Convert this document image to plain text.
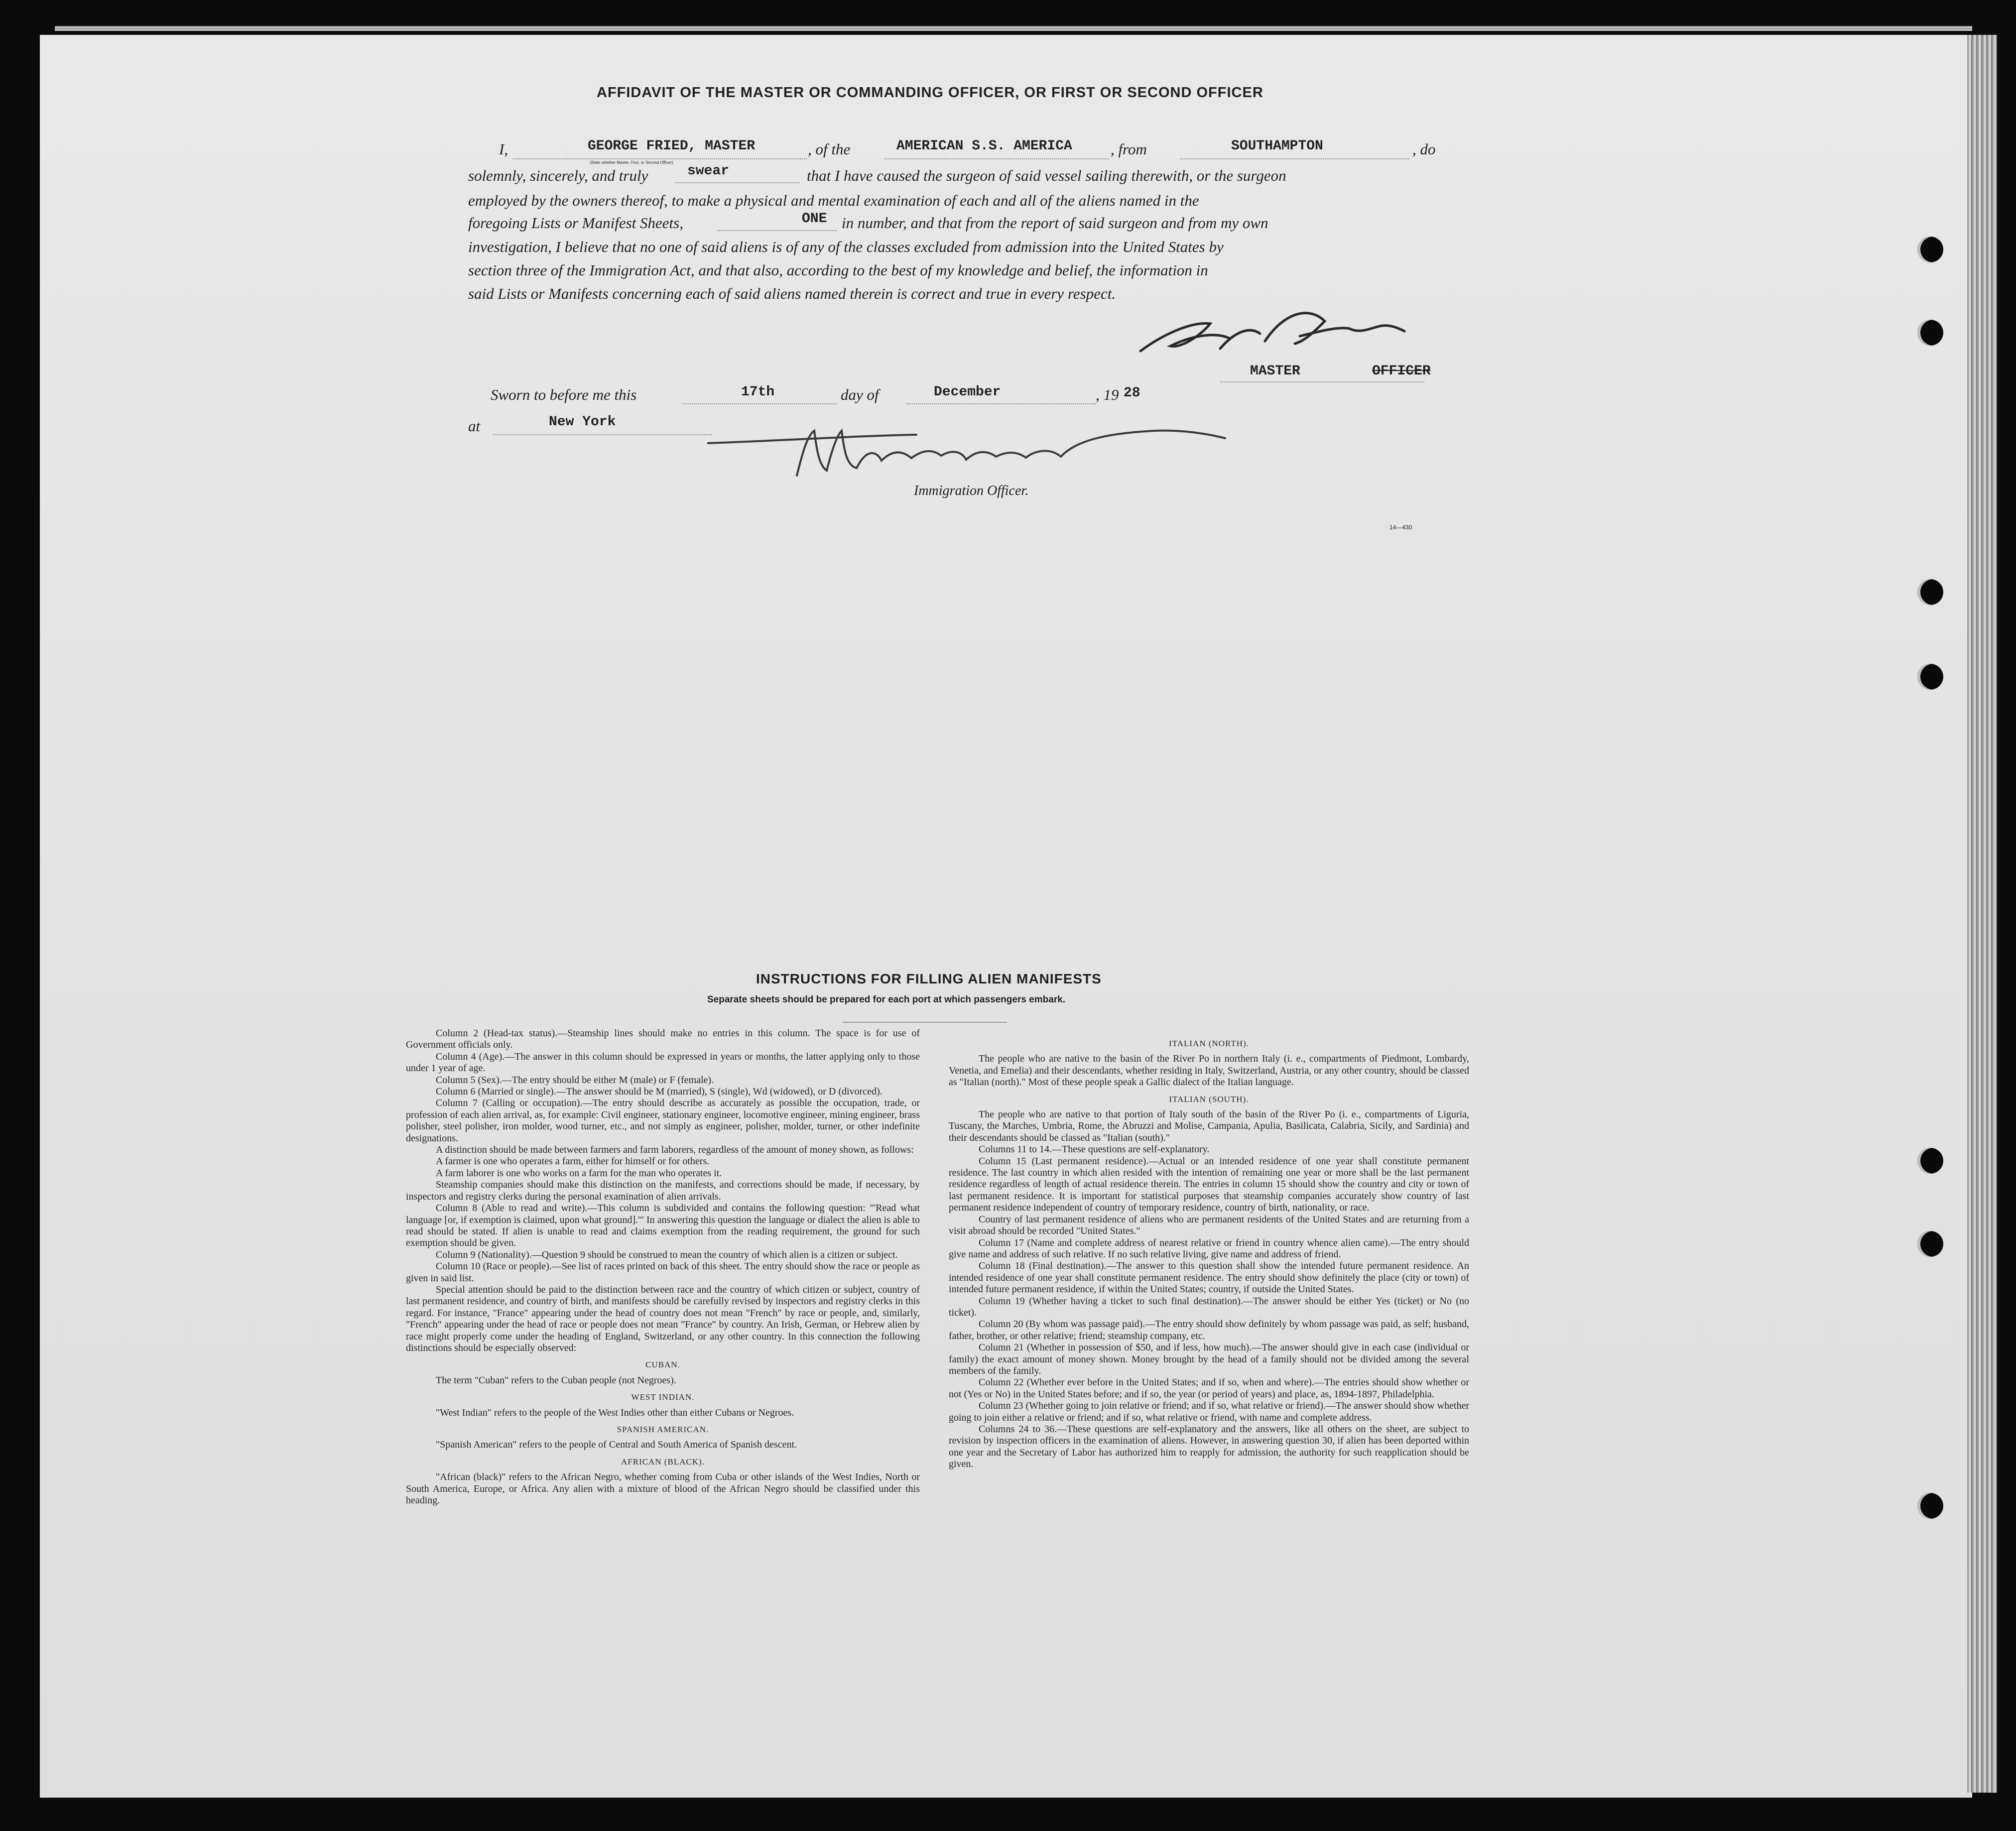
AFFIDAVIT OF THE MASTER OR COMMANDING OFFICER, OR FIRST OR SECOND OFFICER
I,	GEORGE FRIED, MASTER
(State whether Master, First, or Second Officer)
, of the	AMERICAN S.S. AMERICA , from	SOUTHAMPTON	, do
solemnly, sincerely, and truly	swear	that I have caused the surgeon of said vessel sailing therewith, or the surgeon
employed by the owners thereof, to make a physical and mental examination of each and all of the aliens named in the
foregoing Lists or Manifest Sheets,	ONE in number, and that from the report of said surgeon and from my own
investigation, I believe that no one of said aliens is of any of the classes excluded from admission into the United States by
section three of the Immigration Act, and that also, according to the best of my knowledge and belief, the information in
said Lists or Manifests concerning each of said aliens named therein is correct and true in every respect.
MASTER	OFFICER
Sworn to before me this	17th	day of	December	, 19 28
at	New York
Immigration Officer.
14—430
INSTRUCTIONS FOR FILLING ALIEN MANIFESTS
Separate sheets should be prepared for each port at which passengers embark.

Column 2 (Head-tax status).—Steamship lines should make no entries in this column. The space is for use of Government officials only.

Column 4 (Age).—The answer in this column should be expressed in years or months, the latter applying only to those under 1 year of age.

Column 5 (Sex).—The entry should be either M (male) or F (female).

Column 6 (Married or single).—The answer should be M (married), S (single), Wd (widowed), or D (divorced).

Column 7 (Calling or occupation).—The entry should describe as accurately as possible the occupation, trade, or profession of each alien arrival, as, for example: Civil engineer, stationary engineer, locomotive engineer, mining engineer, brass polisher, steel polisher, iron molder, wood turner, etc., and not simply as engineer, polisher, molder, turner, or other indefinite designations.

A distinction should be made between farmers and farm laborers, regardless of the amount of money shown, as follows:

A farmer is one who operates a farm, either for himself or for others.

A farm laborer is one who works on a farm for the man who operates it.

Steamship companies should make this distinction on the manifests, and corrections should be made, if necessary, by inspectors and registry clerks during the personal examination of alien arrivals.

Column 8 (Able to read and write).—This column is subdivided and contains the following question: "'Read what language [or, if exemption is claimed, upon what ground].'" In answering this question the language or dialect the alien is able to read should be stated. If alien is unable to read and claims exemption from the reading requirement, the ground for such exemption should be given.

Column 9 (Nationality).—Question 9 should be construed to mean the country of which alien is a citizen or subject.

Column 10 (Race or people).—See list of races printed on back of this sheet. The entry should show the race or people as given in said list.

Special attention should be paid to the distinction between race and the country of which citizen or subject, country of last permanent residence, and country of birth, and manifests should be carefully revised by inspectors and registry clerks in this regard. For instance, "France" appearing under the head of country does not mean "French" by race or people, and, similarly, "French" appearing under the head of race or people does not mean "France" by country. An Irish, German, or Hebrew alien by race might properly come under the heading of England, Switzerland, or any other country. In this connection the following distinctions should be especially observed:

CUBAN.

The term "Cuban" refers to the Cuban people (not Negroes).

WEST INDIAN.

"West Indian" refers to the people of the West Indies other than either Cubans or Negroes.

SPANISH AMERICAN.

"Spanish American" refers to the people of Central and South America of Spanish descent.

AFRICAN (BLACK).

"African (black)" refers to the African Negro, whether coming from Cuba or other islands of the West Indies, North or South America, Europe, or Africa. Any alien with a mixture of blood of the African Negro should be classified under this heading.

ITALIAN (NORTH).

The people who are native to the basin of the River Po in northern Italy (i. e., compartments of Piedmont, Lombardy, Venetia, and Emelia) and their descendants, whether residing in Italy, Switzerland, Austria, or any other country, should be classed as "Italian (north)." Most of these people speak a Gallic dialect of the Italian language.

ITALIAN (SOUTH).

The people who are native to that portion of Italy south of the basin of the River Po (i. e., compartments of Liguria, Tuscany, the Marches, Umbria, Rome, the Abruzzi and Molise, Campania, Apulia, Basilicata, Calabria, Sicily, and Sardinia) and their descendants should be classed as "Italian (south)."

Columns 11 to 14.—These questions are self-explanatory.

Column 15 (Last permanent residence).—Actual or an intended residence of one year shall constitute permanent residence. The last country in which alien resided with the intention of remaining one year or more shall be the last permanent residence regardless of length of actual residence therein. The entries in column 15 should show the country and city or town of last permanent residence. It is important for statistical purposes that steamship companies accurately show country of last permanent residence independent of country of temporary residence, country of birth, nationality, or race.

Country of last permanent residence of aliens who are permanent residents of the United States and are returning from a visit abroad should be recorded "United States."

Column 17 (Name and complete address of nearest relative or friend in country whence alien came).—The entry should give name and address of such relative. If no such relative living, give name and address of friend.

Column 18 (Final destination).—The answer to this question shall show the intended future permanent residence. An intended residence of one year shall constitute permanent residence. The entry should show definitely the place (city or town) of intended future permanent residence, if within the United States; country, if outside the United States.

Column 19 (Whether having a ticket to such final destination).—The answer should be either Yes (ticket) or No (no ticket).

Column 20 (By whom was passage paid).—The entry should show definitely by whom passage was paid, as self; husband, father, brother, or other relative; friend; steamship company, etc.

Column 21 (Whether in possession of $50, and if less, how much).—The answer should give in each case (individual or family) the exact amount of money shown. Money brought by the head of a family should not be divided among the several members of the family.

Column 22 (Whether ever before in the United States; and if so, when and where).—The entries should show whether or not (Yes or No) in the United States before; and if so, the year (or period of years) and place, as, 1894-1897, Philadelphia.

Column 23 (Whether going to join relative or friend; and if so, what relative or friend).—The answer should show whether going to join either a relative or friend; and if so, what relative or friend, with name and complete address.

Columns 24 to 36.—These questions are self-explanatory and the answers, like all others on the sheet, are subject to revision by inspection officers in the examination of aliens. However, in answering question 30, if alien has been deported within one year and the Secretary of Labor has authorized him to reapply for admission, the authority for such reapplication should be given.
